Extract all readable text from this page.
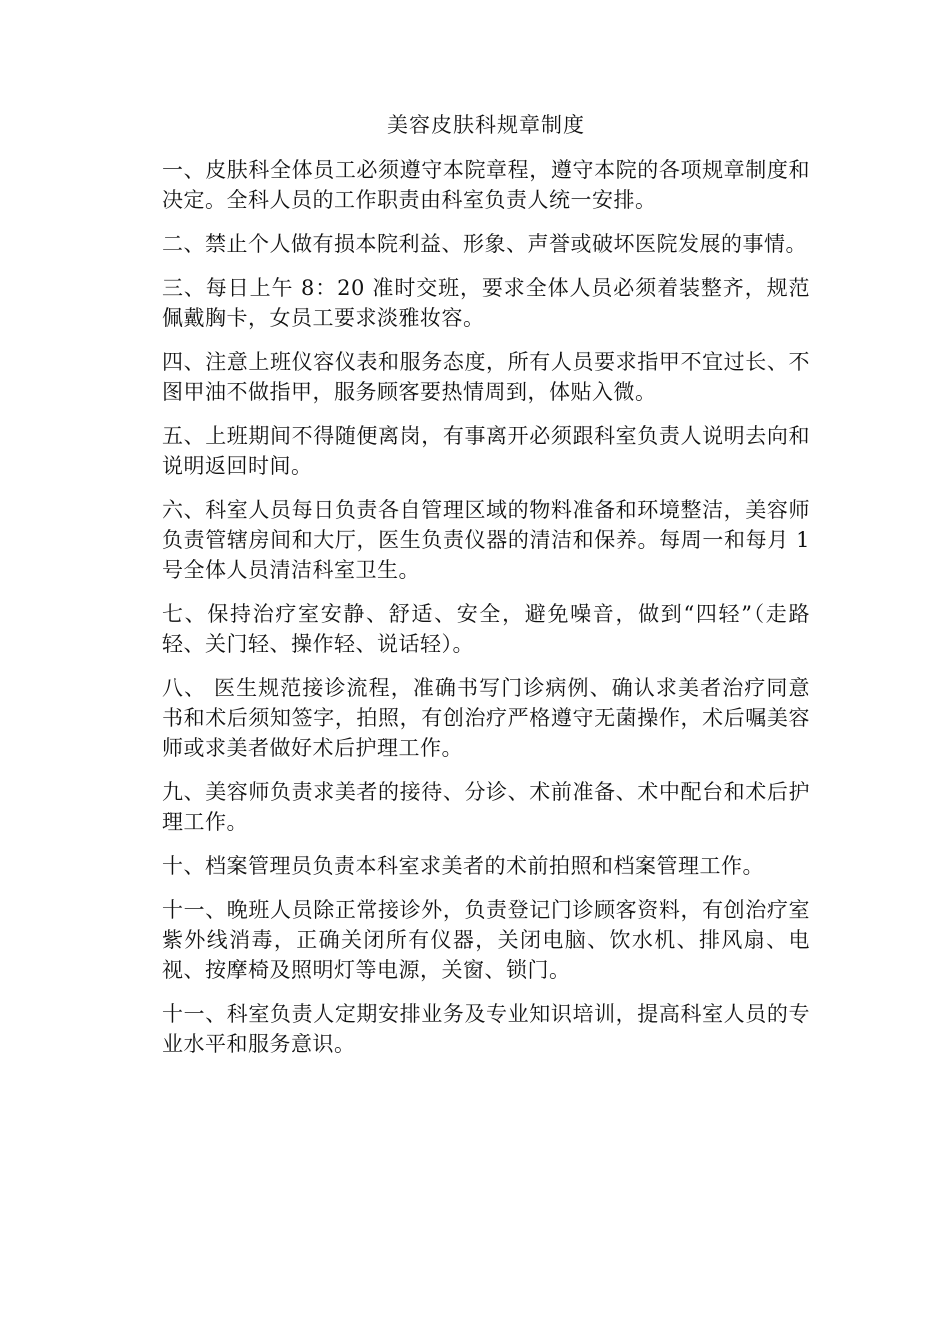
美容皮肤科规章制度

一、皮肤科全体员工必须遵守本院章程，遵守本院的各项规章制度和决定。全科人员的工作职责由科室负责人统一安排。

二、禁止个人做有损本院利益、形象、声誉或破坏医院发展的事情。

三、每日上午 8：20 准时交班，要求全体人员必须着装整齐，规范佩戴胸卡，女员工要求淡雅妆容。

四、注意上班仪容仪表和服务态度，所有人员要求指甲不宜过长、不图甲油不做指甲，服务顾客要热情周到，体贴入微。

五、上班期间不得随便离岗，有事离开必须跟科室负责人说明去向和说明返回时间。

六、科室人员每日负责各自管理区域的物料准备和环境整洁，美容师负责管辖房间和大厅，医生负责仪器的清洁和保养。每周一和每月 1 号全体人员清洁科室卫生。

七、保持治疗室安静、舒适、安全，避免噪音，做到“四轻”（走路轻、关门轻、操作轻、说话轻）。

八、 医生规范接诊流程，准确书写门诊病例、确认求美者治疗同意书和术后须知签字，拍照，有创治疗严格遵守无菌操作，术后嘱美容师或求美者做好术后护理工作。

九、美容师负责求美者的接待、分诊、术前准备、术中配台和术后护理工作。

十、档案管理员负责本科室求美者的术前拍照和档案管理工作。

十一、晚班人员除正常接诊外，负责登记门诊顾客资料，有创治疗室紫外线消毒，正确关闭所有仪器，关闭电脑、饮水机、排风扇、电视、按摩椅及照明灯等电源，关窗、锁门。

十一、科室负责人定期安排业务及专业知识培训，提高科室人员的专业水平和服务意识。
